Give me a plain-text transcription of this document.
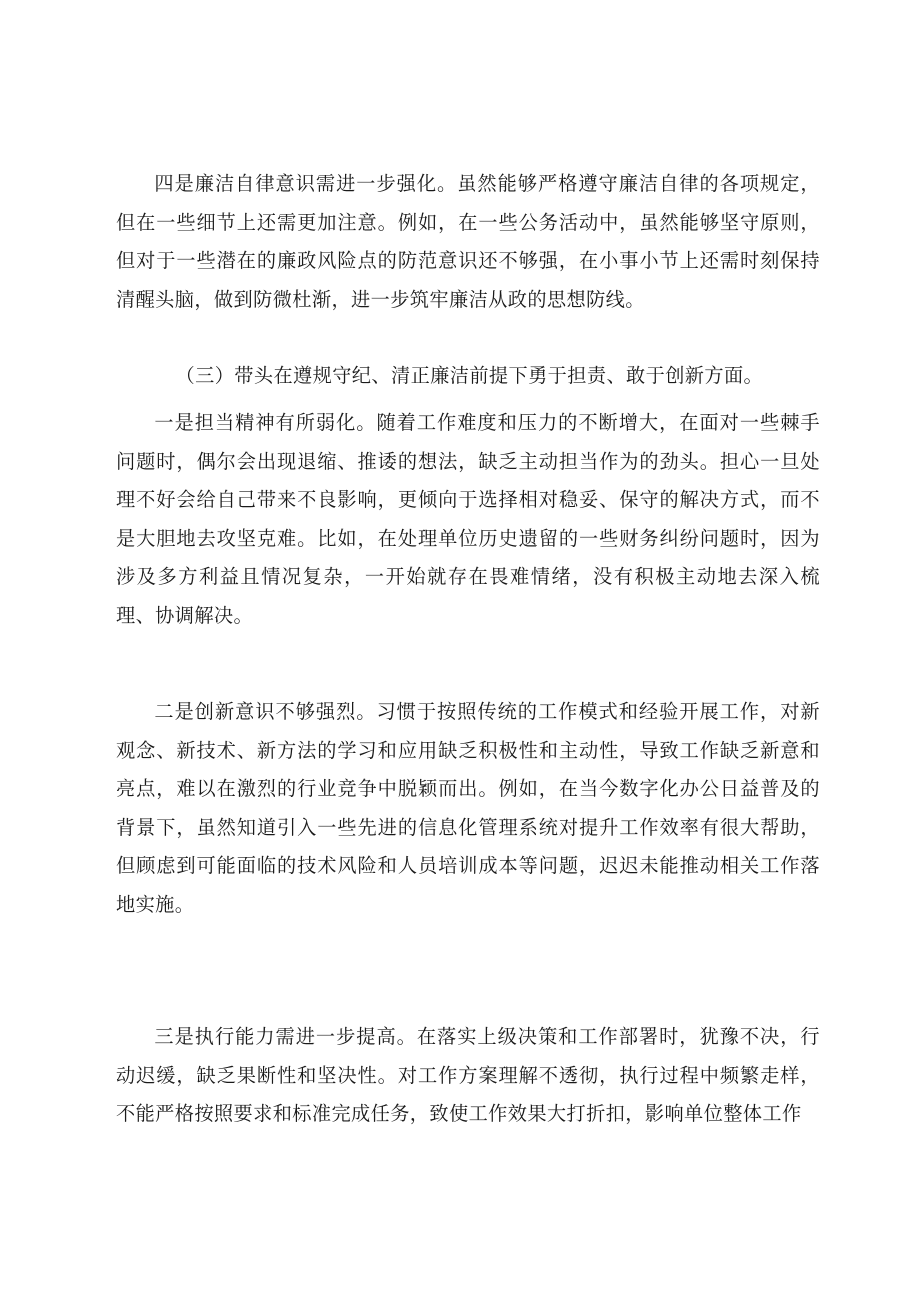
四是廉洁自律意识需进一步强化。虽然能够严格遵守廉洁自律的各项规定，但在一些细节上还需更加注意。例如，在一些公务活动中，虽然能够坚守原则，但对于一些潜在的廉政风险点的防范意识还不够强，在小事小节上还需时刻保持清醒头脑，做到防微杜渐，进一步筑牢廉洁从政的思想防线。

（三）带头在遵规守纪、清正廉洁前提下勇于担责、敢于创新方面。

一是担当精神有所弱化。随着工作难度和压力的不断增大，在面对一些棘手问题时，偶尔会出现退缩、推诿的想法，缺乏主动担当作为的劲头。担心一旦处理不好会给自己带来不良影响，更倾向于选择相对稳妥、保守的解决方式，而不是大胆地去攻坚克难。比如，在处理单位历史遗留的一些财务纠纷问题时，因为涉及多方利益且情况复杂，一开始就存在畏难情绪，没有积极主动地去深入梳理、协调解决。

二是创新意识不够强烈。习惯于按照传统的工作模式和经验开展工作，对新观念、新技术、新方法的学习和应用缺乏积极性和主动性，导致工作缺乏新意和亮点，难以在激烈的行业竞争中脱颖而出。例如，在当今数字化办公日益普及的背景下，虽然知道引入一些先进的信息化管理系统对提升工作效率有很大帮助，但顾虑到可能面临的技术风险和人员培训成本等问题，迟迟未能推动相关工作落地实施。

三是执行能力需进一步提高。在落实上级决策和工作部署时，犹豫不决，行动迟缓，缺乏果断性和坚决性。对工作方案理解不透彻，执行过程中频繁走样，不能严格按照要求和标准完成任务，致使工作效果大打折扣，影响单位整体工作
